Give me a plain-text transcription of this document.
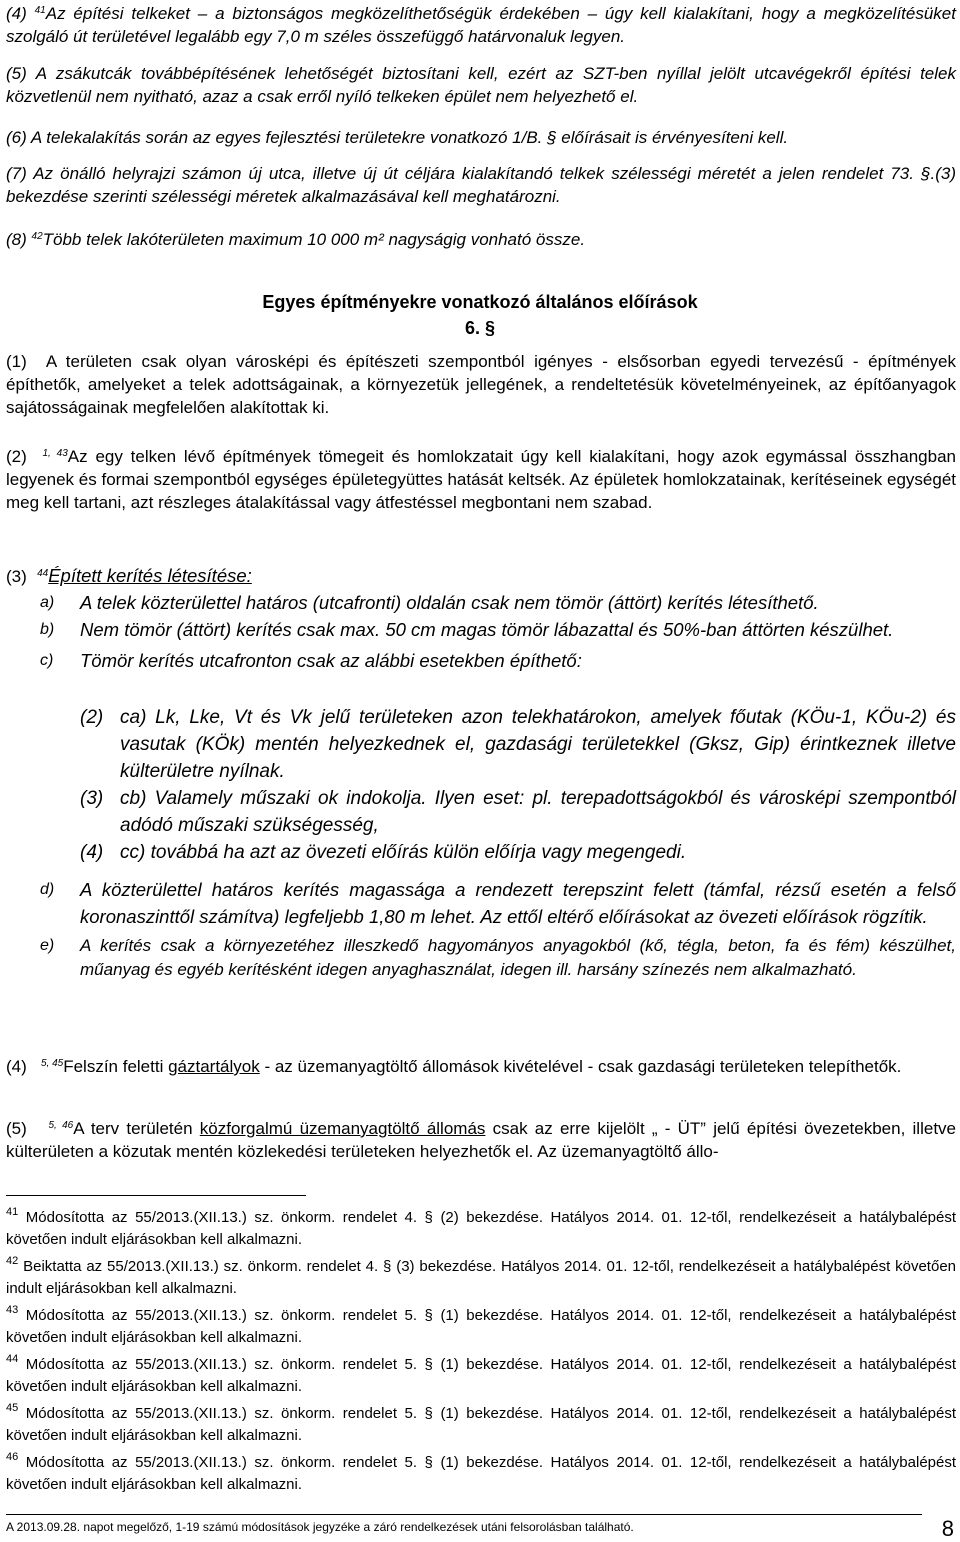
(4) $^{41}$Az építési telkeket – a biztonságos megközelíthetőségük érdekében – úgy kell kialakítani, hogy a megközelítésüket szolgáló út területével legalább egy 7,0 m széles összefüggő határvonaluk legyen.
(5) A zsákutcák továbbépítésének lehetőségét biztosítani kell, ezért az SZT-ben nyíllal jelölt utcavégekről építési telek közvetlenül nem nyitható, azaz a csak erről nyíló telkeken épület nem helyezhető el.
(6) A telekalakítás során az egyes fejlesztési területekre vonatkozó 1/B. § előírásait is érvényesíteni kell.
(7) Az önálló helyrajzi számon új utca, illetve új út céljára kialakítandó telkek szélességi méretét a jelen rendelet 73. §.(3) bekezdése szerinti szélességi méretek alkalmazásával kell meghatározni.
(8) $^{42}$Több telek lakóterületen maximum 10 000 m² nagyságig vonható össze.
Egyes építményekre vonatkozó általános előírások
6. §
(1) A területen csak olyan városképi és építészeti szempontból igényes - elsősorban egyedi tervezésű - építmények építhetők, amelyeket a telek adottságainak, a környezetük jellegének, a rendeltetésük követelményeinek, az építőanyagok sajátosságainak megfelelően alakítottak ki.
(2) $^{1, 43}$Az egy telken lévő építmények tömegeit és homlokzatait úgy kell kialakítani, hogy azok egymással összhangban legyenek és formai szempontból egységes épületegyüttes hatását keltsék. Az épületek homlokzatainak, kerítéseinek egységét meg kell tartani, azt részleges átalakítással vagy átfestéssel megbontani nem szabad.
(3) $^{44}$Épített kerítés létesítése:
a)	A telek közterülettel határos (utcafronti) oldalán csak nem tömör (áttört) kerítés létesíthető.
b)	Nem tömör (áttört) kerítés csak max. 50 cm magas tömör lábazattal és 50%-ban áttörten készülhet.
c)	Tömör kerítés utcafronton csak az alábbi esetekben építhető:
(2) ca) Lk, Lke, Vt és Vk jelű területeken azon telekhatárokon, amelyek főutak (KÖu-1, KÖu-2) és vasutak (KÖk) mentén helyezkednek el, gazdasági területekkel (Gksz, Gip) érintkeznek illetve külterületre nyílnak.
(3) cb) Valamely műszaki ok indokolja. Ilyen eset: pl. terepadottságokból és városképi szempontból adódó műszaki szükségesség,
(4) cc) továbbá ha azt az övezeti előírás külön előírja vagy megengedi.
d)	A közterülettel határos kerítés magassága a rendezett terepszint felett (támfal, rézsű esetén a felső koronaszinttől számítva) legfeljebb 1,80 m lehet. Az ettől eltérő előírásokat az övezeti előírások rögzítik.
e)	A kerítés csak a környezetéhez illeszkedő hagyományos anyagokból (kő, tégla, beton, fa és fém) készülhet, műanyag és egyéb kerítésként idegen anyaghasználat, idegen ill. harsány színezés nem alkalmazható.
(4) $^{5, 45}$Felszín feletti gáztartályok - az üzemanyagtöltő állomások kivételével - csak gazdasági területeken telepíthetők.
(5) $^{5, 46}$A terv területén közforgalmú üzemanyagtöltő állomás csak az erre kijelölt „ - ÜT” jelű építési övezetekben, illetve külterületen a közutak mentén közlekedési területeken helyezhetők el. Az üzemanyagtöltő állo-
$^{41}$ Módosította az 55/2013.(XII.13.) sz. önkorm. rendelet 4. § (2) bekezdése. Hatályos 2014. 01. 12-től, rendelkezéseit a hatálybalépést követően indult eljárásokban kell alkalmazni.
$^{42}$ Beiktatta az 55/2013.(XII.13.) sz. önkorm. rendelet 4. § (3) bekezdése. Hatályos 2014. 01. 12-től, rendelkezéseit a hatálybalépést követően indult eljárásokban kell alkalmazni.
$^{43}$ Módosította az 55/2013.(XII.13.) sz. önkorm. rendelet 5. § (1) bekezdése. Hatályos 2014. 01. 12-től, rendelkezéseit a hatálybalépést követően indult eljárásokban kell alkalmazni.
$^{44}$ Módosította az 55/2013.(XII.13.) sz. önkorm. rendelet 5. § (1) bekezdése. Hatályos 2014. 01. 12-től, rendelkezéseit a hatálybalépést követően indult eljárásokban kell alkalmazni.
$^{45}$ Módosította az 55/2013.(XII.13.) sz. önkorm. rendelet 5. § (1) bekezdése. Hatályos 2014. 01. 12-től, rendelkezéseit a hatálybalépést követően indult eljárásokban kell alkalmazni.
$^{46}$ Módosította az 55/2013.(XII.13.) sz. önkorm. rendelet 5. § (1) bekezdése. Hatályos 2014. 01. 12-től, rendelkezéseit a hatálybalépést követően indult eljárásokban kell alkalmazni.
A 2013.09.28. napot megelőző, 1-19 számú módosítások jegyzéke a záró rendelkezések utáni felsorolásban található.	8
